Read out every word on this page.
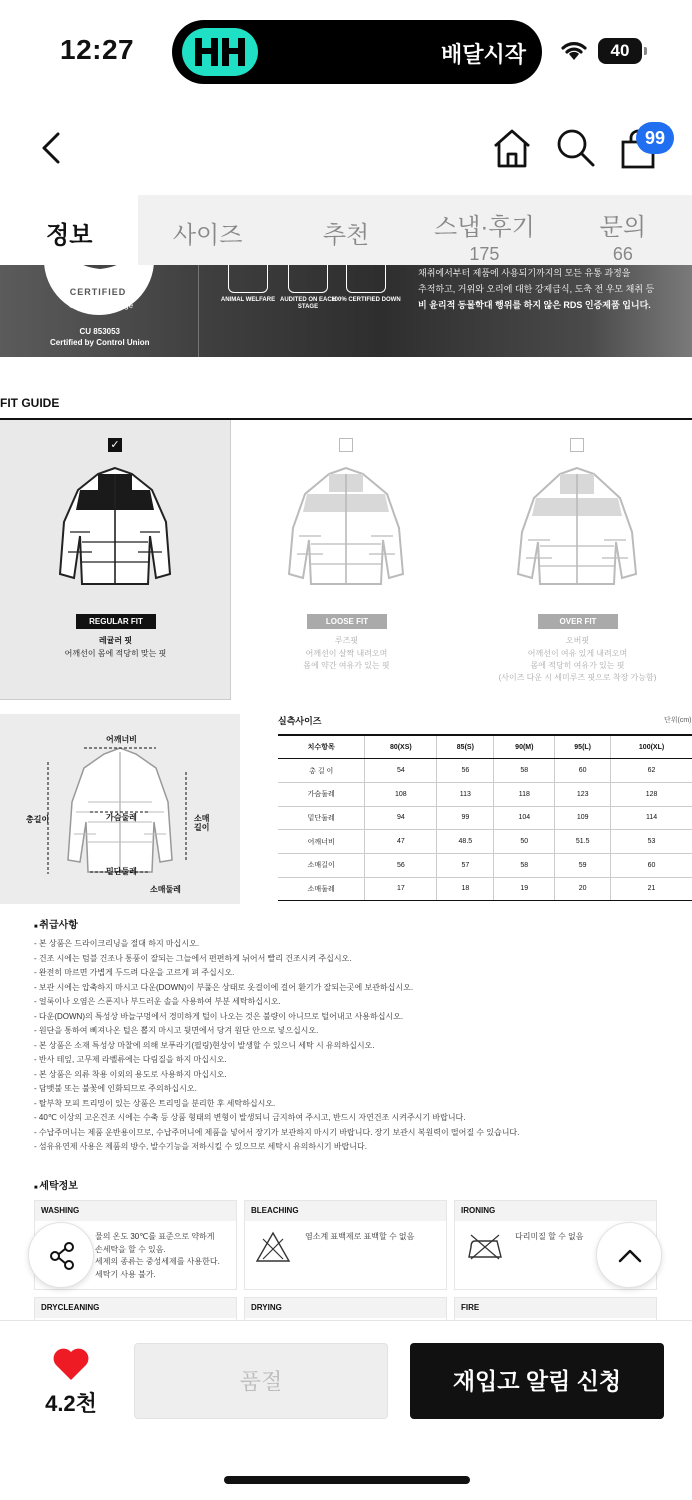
12:27	배달시작	40
99
정보	사이즈	추천	스냅·후기
175
문의
66
CERTIFIED
©TextileExchange
CU 853053
Certified by Control Union
ANIMAL WELFARE AUDITED ON EACH STAGE
100% CERTIFIED DOWN
채취에서부터 제품에 사용되기까지의 모든 유통 과정을
추적하고, 거위와 오리에 대한 강제급식, 도축 전 우모 채취 등
비 윤리적 동물학대 행위를 하지 않은 RDS 인증제품 입니다.
FIT GUIDE
✓
REGULAR FIT
레귤러 핏
어깨선이 몸에 적당히 맞는 핏
LOOSE FIT
루즈핏
어깨선이 살짝 내려오며
몸에 약간 여유가 있는 핏
OVER FIT
오버핏
어깨선이 여유 있게 내려오며
몸에 적당히 여유가 있는 핏
(사이즈 다운 시 세미루즈 핏으로 착장 가능함)
어깨너비
가슴둘레
총길이	소매길이
밑단둘레
소매둘레
실측사이즈	단위(cm)
치수항목	80(XS)	85(S)	90(M)	95(L)	100(XL)
총 길 이	54	56	58	60	62
가슴둘레	108	113	118	123	128
밑단둘레	94	99	104	109	114
어깨너비	47	48.5	50	51.5	53
소매길이	56	57	58	59	60
소매둘레	17	18	19	20	21
■ 취급사항
- 본 상품은 드라이크리닝을 절대 하지 마십시오.
- 건조 시에는 텀블 건조나 통풍이 잘되는 그늘에서 편편하게 뉘어서 빨리 건조시켜 주십시오.
- 완전히 마르면 가볍게 두드려 다운을 고르게 펴 주십시오.
- 보관 시에는 압축하지 마시고 다운(DOWN)이 부풀은 상태로 옷걸이에 걸어 환기가 잘되는곳에 보관하십시오.
- 얼룩이나 오염은 스폰지나 부드러운 솔을 사용하여 부분 세탁하십시오.
- 다운(DOWN)의 특성상 바늘구멍에서 경미하게 털이 나오는 것은 불량이 아니므로 털어내고 사용하십시오.
- 원단을 통하여 삐져나온 털은 뽑지 마시고 뒷면에서 당겨 원단 안으로 넣으십시오.
- 본 상품은 소재 특성상 마찰에 의해 보푸라기(필링)현상이 발생할 수 있으니 세탁 시 유의하십시오.
- 반사 테잎, 고무제 라벨류에는 다림질을 하지 마십시오.
- 본 상품은 의류 착용 이외의 용도로 사용하지 마십시오.
- 담뱃불 또는 불꽃에 인화되므로 주의하십시오.
- 탈부착 모피 트리밍이 있는 상품은 트리밍을 분리한 후 세탁하십시오.
- 40℃ 이상의 고온건조 시에는 수축 등 상품 형태의 변형이 발생되니 금지하여 주시고, 반드시 자연건조 시켜주시기 바랍니다.
- 수납주머니는 제품 운반용이므로, 수납주머니에 제품을 넣어서 장기가 보관하지 마시기 바랍니다. 장기 보관시 복원력이 떨어질 수 있습니다.
- 섬유유연제 사용은 제품의 방수, 발수기능을 저하시킬 수 있으므로 세탁시 유의하시기 바랍니다.
■ 세탁정보
WASHING
물의 온도 30℃를 표준으로 약하게
손세탁을 할 수 있음.
세제의 종류는 중성세제를 사용한다.
세탁기 사용 불가.
BLEACHING
염소계 표백제로 표백할 수 없음
IRONING
다리미질 할 수 없음
DRYCLEANING	DRYING	FIRE
4.2천
품절	재입고 알림 신청
